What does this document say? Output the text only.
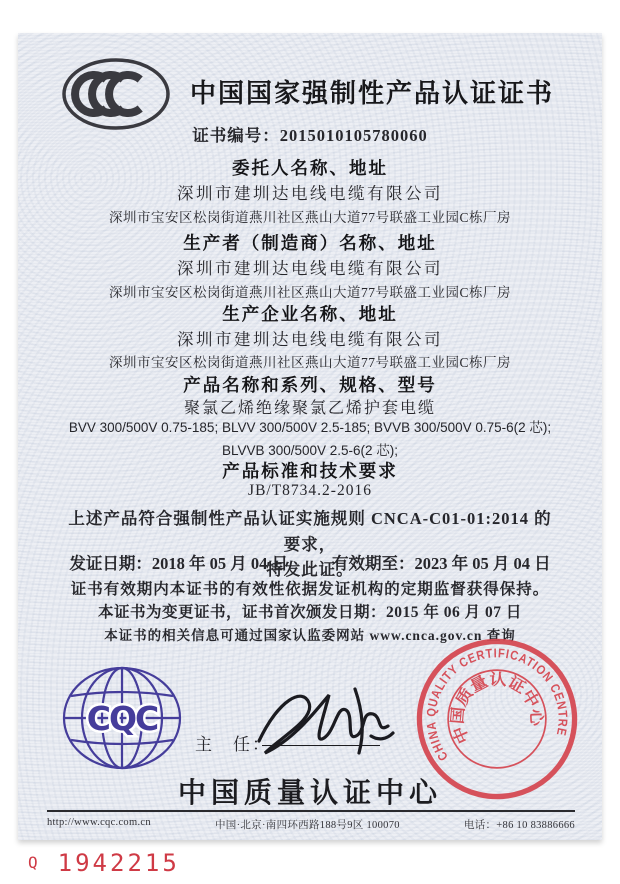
中国国家强制性产品认证证书
证书编号：2015010105780060
委托人名称、地址
深圳市建圳达电线电缆有限公司
深圳市宝安区松岗街道燕川社区燕山大道77号联盛工业园C栋厂房
生产者（制造商）名称、地址
深圳市建圳达电线电缆有限公司
深圳市宝安区松岗街道燕川社区燕山大道77号联盛工业园C栋厂房
生产企业名称、地址
深圳市建圳达电线电缆有限公司
深圳市宝安区松岗街道燕川社区燕山大道77号联盛工业园C栋厂房
产品名称和系列、规格、型号
聚氯乙烯绝缘聚氯乙烯护套电缆
BVV 300/500V 0.75-185; BLVV 300/500V 2.5-185; BVVB 300/500V 0.75-6(2 芯); BLVVB 300/500V 2.5-6(2 芯);
产品标准和技术要求
JB/T8734.2-2016
上述产品符合强制性产品认证实施规则 CNCA-C01-01:2014 的要求，
特发此证。
发证日期：2018 年 05 月 04 日	有效期至：2023 年 05 月 04 日
证书有效期内本证书的有效性依据发证机构的定期监督获得保持。
本证书为变更证书，证书首次颁发日期：2015 年 06 月 07 日
本证书的相关信息可通过国家认监委网站 www.cnca.gov.cn 查询
CQC
主　任：
CHINA QUALITY CERTIFICATION CENTRE
中国质量认证中心
中国质量认证中心
http://www.cqc.com.cn	中国·北京·南四环西路188号9区 100070	电话：+86 10 83886666
Q 1942215
